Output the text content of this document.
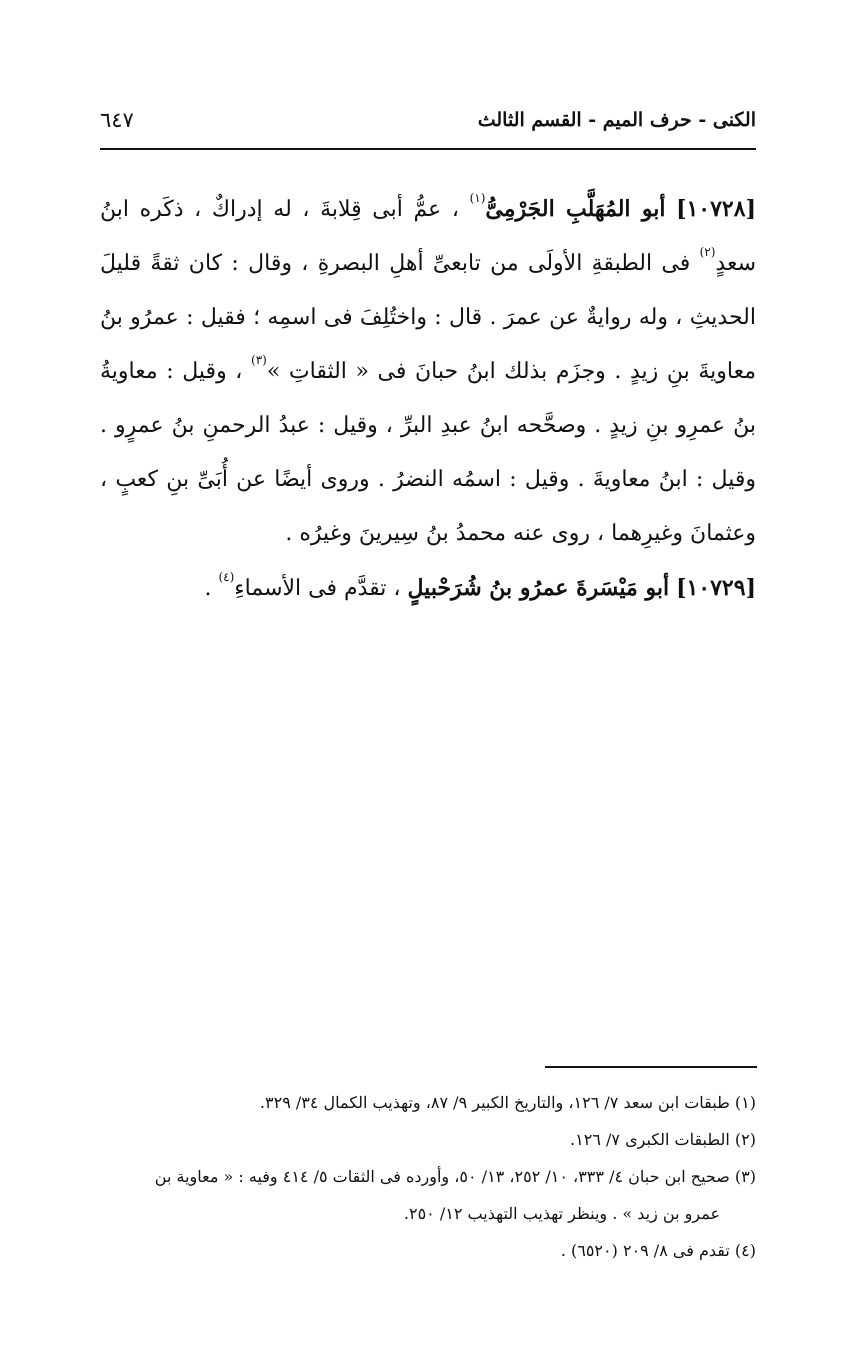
الكنى - حرف الميم - القسم الثالث
٦٤٧

[١٠٧٢٨] أبو المُهَلَّبِ الجَرْمِىُّ$^{(١)}$ ، عمُّ أبى قِلابةَ ، له إدراكٌ ، ذكَره ابنُ سعدٍ$^{(٢)}$ فى الطبقةِ الأولَى من تابعىِّ أهلِ البصرةِ ، وقال : كان ثقةً قليلَ الحديثِ ، وله روايةٌ عن عمرَ . قال : واختُلِفَ فى اسمِه ؛ فقيل : عمرُو بنُ معاويةَ بنِ زيدٍ . وجزَم بذلك ابنُ حبانَ فى « الثقاتِ »$^{(٣)}$ ، وقيل : معاويةُ بنُ عمرِو بنِ زيدٍ . وصحَّحه ابنُ عبدِ البرِّ ، وقيل : عبدُ الرحمنِ بنُ عمرٍو . وقيل : ابنُ معاويةَ . وقيل : اسمُه النضرُ . وروى أيضًا عن أُبَىِّ بنِ كعبٍ ، وعثمانَ وغيرِهما ، روى عنه محمدُ بنُ سِيرينَ وغيرُه .

[١٠٧٢٩] أبو مَيْسَرةَ عمرُو بنُ شُرَحْبيلٍ ، تقدَّم فى الأسماءِ$^{(٤)}$ .

(١) طبقات ابن سعد ٧/ ١٢٦، والتاريخ الكبير ٩/ ٨٧، وتهذيب الكمال ٣٤/ ٣٢٩.

(٢) الطبقات الكبرى ٧/ ١٢٦.

(٣) صحيح ابن حبان ٤/ ٣٣٣، ١٠/ ٢٥٢، ١٣/ ٥٠، وأورده فى الثقات ٥/ ٤١٤ وفيه : « معاوية بن

عمرو بن زيد » . وينظر تهذيب التهذيب ١٢/ ٢٥٠.

(٤) تقدم فى ٨/ ٢٠٩ (٦٥٢٠) .
